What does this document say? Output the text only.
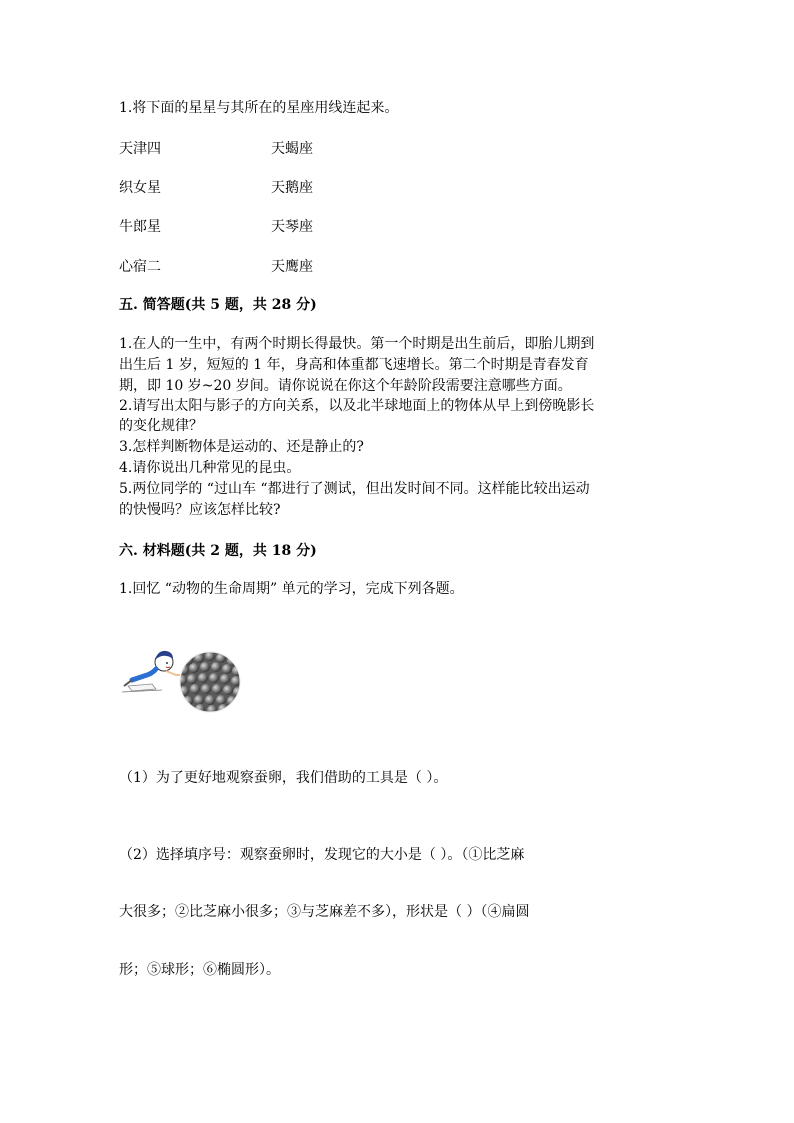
1.将下面的星星与其所在的星座用线连起来。
天津四	天蝎座
织女星	天鹅座
牛郎星	天琴座
心宿二	天鹰座
五. 简答题(共 5 题，共 28 分)
1.在人的一生中，有两个时期长得最快。第一个时期是出生前后，即胎儿期到
出生后 1 岁，短短的 1 年，身高和体重都飞速增长。第二个时期是青春发育
期，即 10 岁~20 岁间。请你说说在你这个年龄阶段需要注意哪些方面。
2.请写出太阳与影子的方向关系，以及北半球地面上的物体从早上到傍晚影长
的变化规律？
3.怎样判断物体是运动的、还是静止的?
4.请你说出几种常见的昆虫。
5.两位同学的 “过山车 “都进行了测试，但出发时间不同。这样能比较出运动
的快慢吗？应该怎样比较?
六. 材料题(共 2 题，共 18 分)
1.回忆 “动物的生命周期” 单元的学习，完成下列各题。
（1）为了更好地观察蚕卵，我们借助的工具是（ ）。
（2）选择填序号：观察蚕卵时，发现它的大小是（ ）。（①比芝麻
大很多；②比芝麻小很多；③与芝麻差不多），形状是（ ）（④扁圆
形；⑤球形；⑥椭圆形）。
